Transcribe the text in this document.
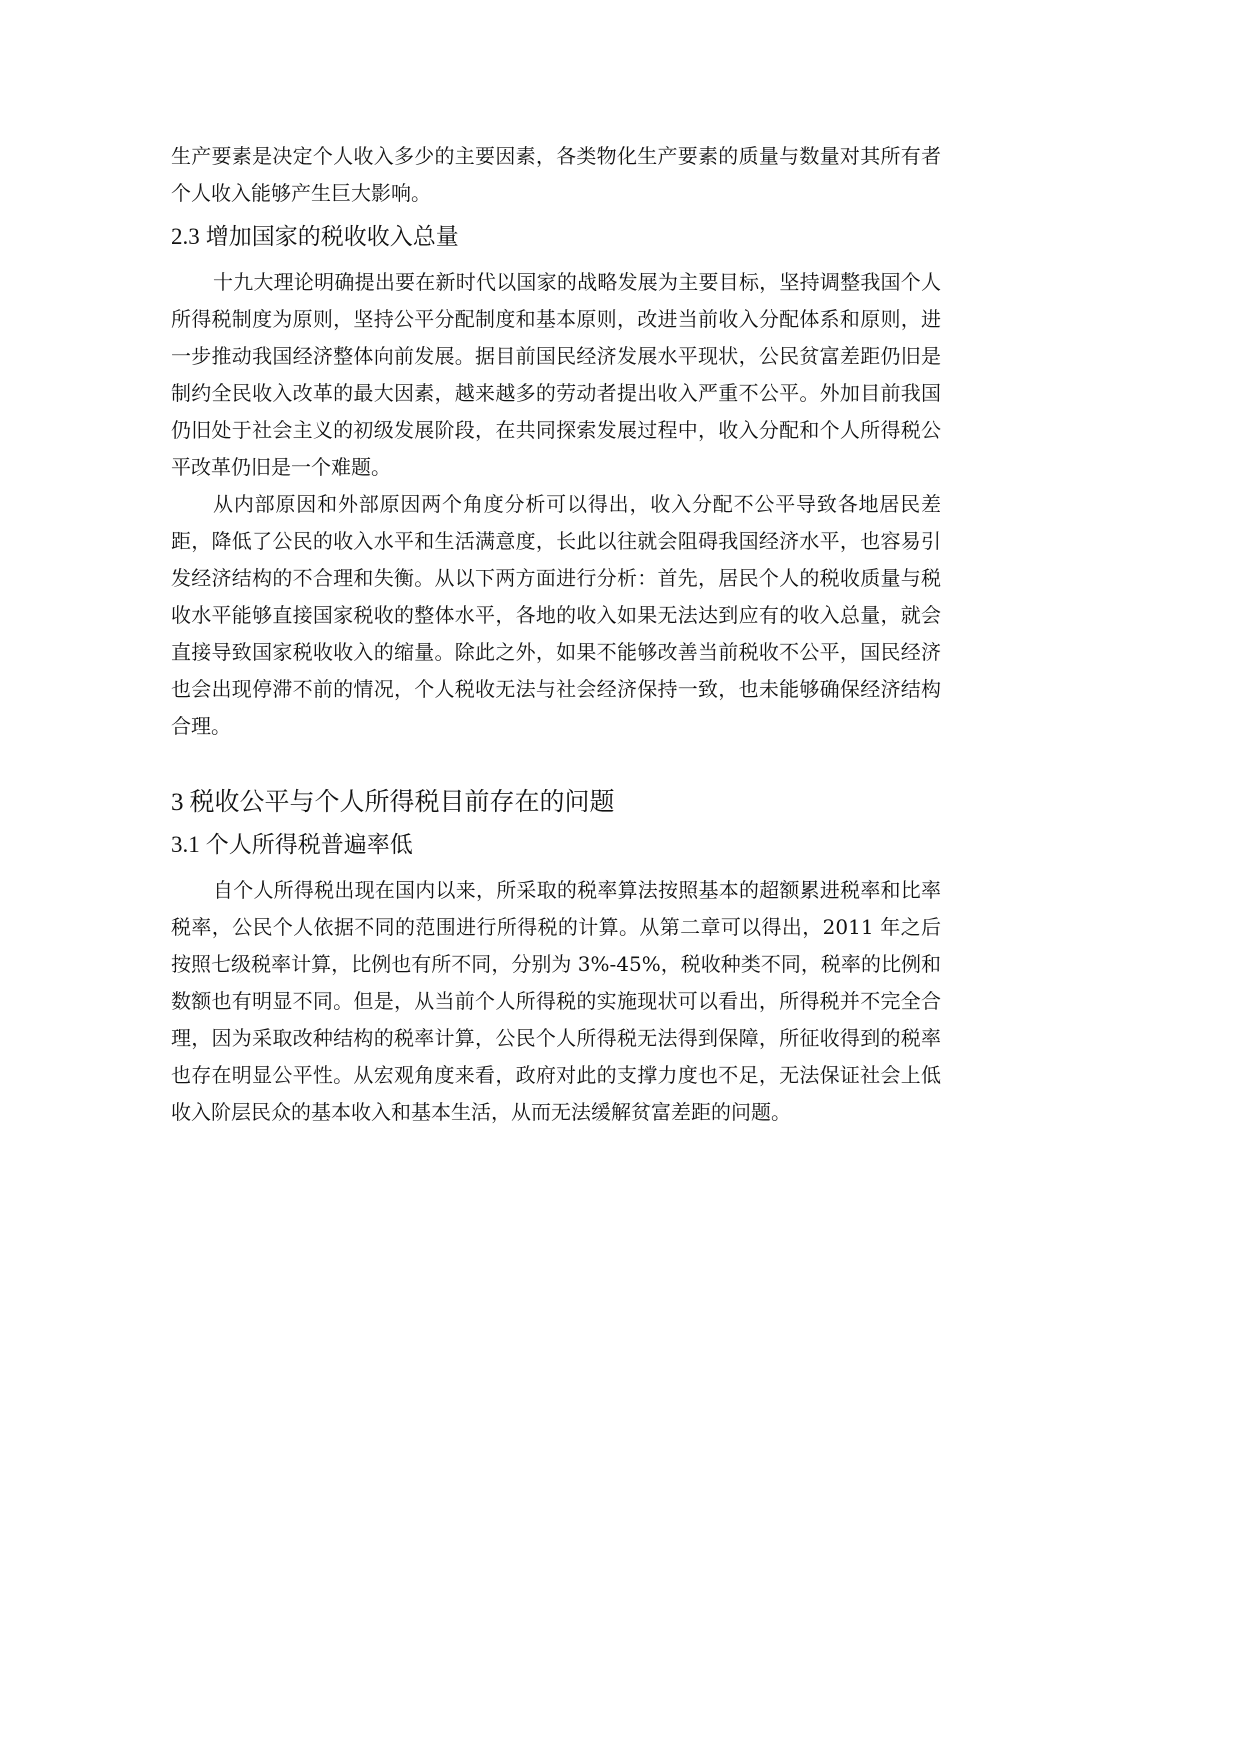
生产要素是决定个人收入多少的主要因素，各类物化生产要素的质量与数量对其所有者个人收入能够产生巨大影响。

2.3 增加国家的税收收入总量

十九大理论明确提出要在新时代以国家的战略发展为主要目标，坚持调整我国个人所得税制度为原则，坚持公平分配制度和基本原则，改进当前收入分配体系和原则，进一步推动我国经济整体向前发展。据目前国民经济发展水平现状，公民贫富差距仍旧是制约全民收入改革的最大因素，越来越多的劳动者提出收入严重不公平。外加目前我国仍旧处于社会主义的初级发展阶段，在共同探索发展过程中，收入分配和个人所得税公平改革仍旧是一个难题。

从内部原因和外部原因两个角度分析可以得出，收入分配不公平导致各地居民差距，降低了公民的收入水平和生活满意度，长此以往就会阻碍我国经济水平，也容易引发经济结构的不合理和失衡。从以下两方面进行分析：首先，居民个人的税收质量与税收水平能够直接国家税收的整体水平，各地的收入如果无法达到应有的收入总量，就会直接导致国家税收收入的缩量。除此之外，如果不能够改善当前税收不公平，国民经济也会出现停滞不前的情况，个人税收无法与社会经济保持一致，也未能够确保经济结构合理。

3 税收公平与个人所得税目前存在的问题
3.1 个人所得税普遍率低

自个人所得税出现在国内以来，所采取的税率算法按照基本的超额累进税率和比率税率，公民个人依据不同的范围进行所得税的计算。从第二章可以得出，2011 年之后按照七级税率计算，比例也有所不同，分别为 3%-45%，税收种类不同，税率的比例和数额也有明显不同。但是，从当前个人所得税的实施现状可以看出，所得税并不完全合理，因为采取改种结构的税率计算，公民个人所得税无法得到保障，所征收得到的税率也存在明显公平性。从宏观角度来看，政府对此的支撑力度也不足，无法保证社会上低收入阶层民众的基本收入和基本生活，从而无法缓解贫富差距的问题。
